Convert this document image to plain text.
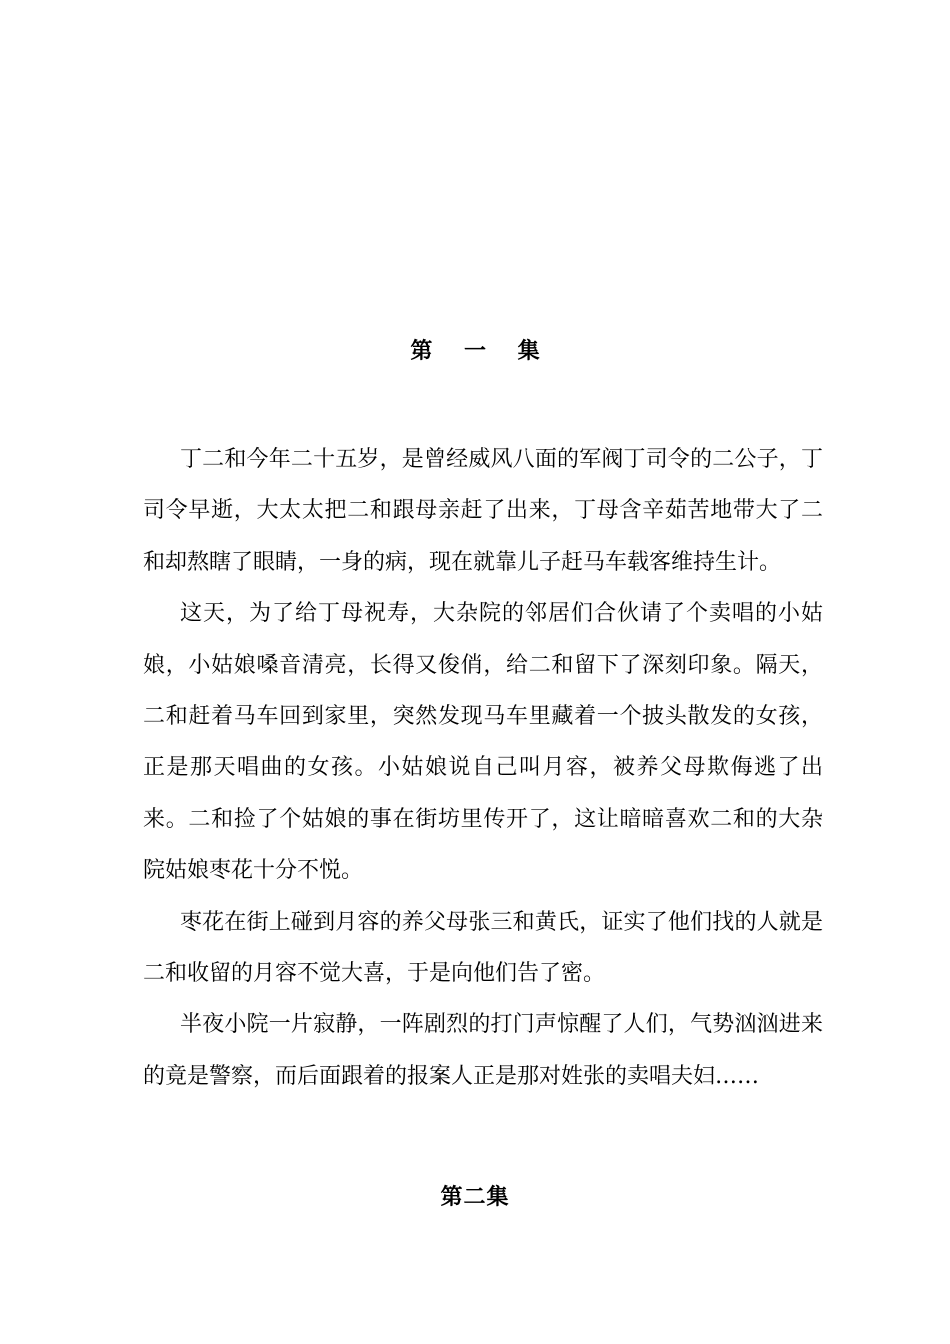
第 一 集

丁二和今年二十五岁，是曾经威风八面的军阀丁司令的二公子，丁司令早逝，大太太把二和跟母亲赶了出来，丁母含辛茹苦地带大了二和却熬瞎了眼睛，一身的病，现在就靠儿子赶马车载客维持生计。

这天，为了给丁母祝寿，大杂院的邻居们合伙请了个卖唱的小姑娘，小姑娘嗓音清亮，长得又俊俏，给二和留下了深刻印象。隔天，二和赶着马车回到家里，突然发现马车里藏着一个披头散发的女孩，正是那天唱曲的女孩。小姑娘说自己叫月容，被养父母欺侮逃了出来。二和捡了个姑娘的事在街坊里传开了，这让暗暗喜欢二和的大杂院姑娘枣花十分不悦。

枣花在街上碰到月容的养父母张三和黄氏，证实了他们找的人就是二和收留的月容不觉大喜，于是向他们告了密。

半夜小院一片寂静，一阵剧烈的打门声惊醒了人们，气势汹汹进来的竟是警察，而后面跟着的报案人正是那对姓张的卖唱夫妇……

第二集
